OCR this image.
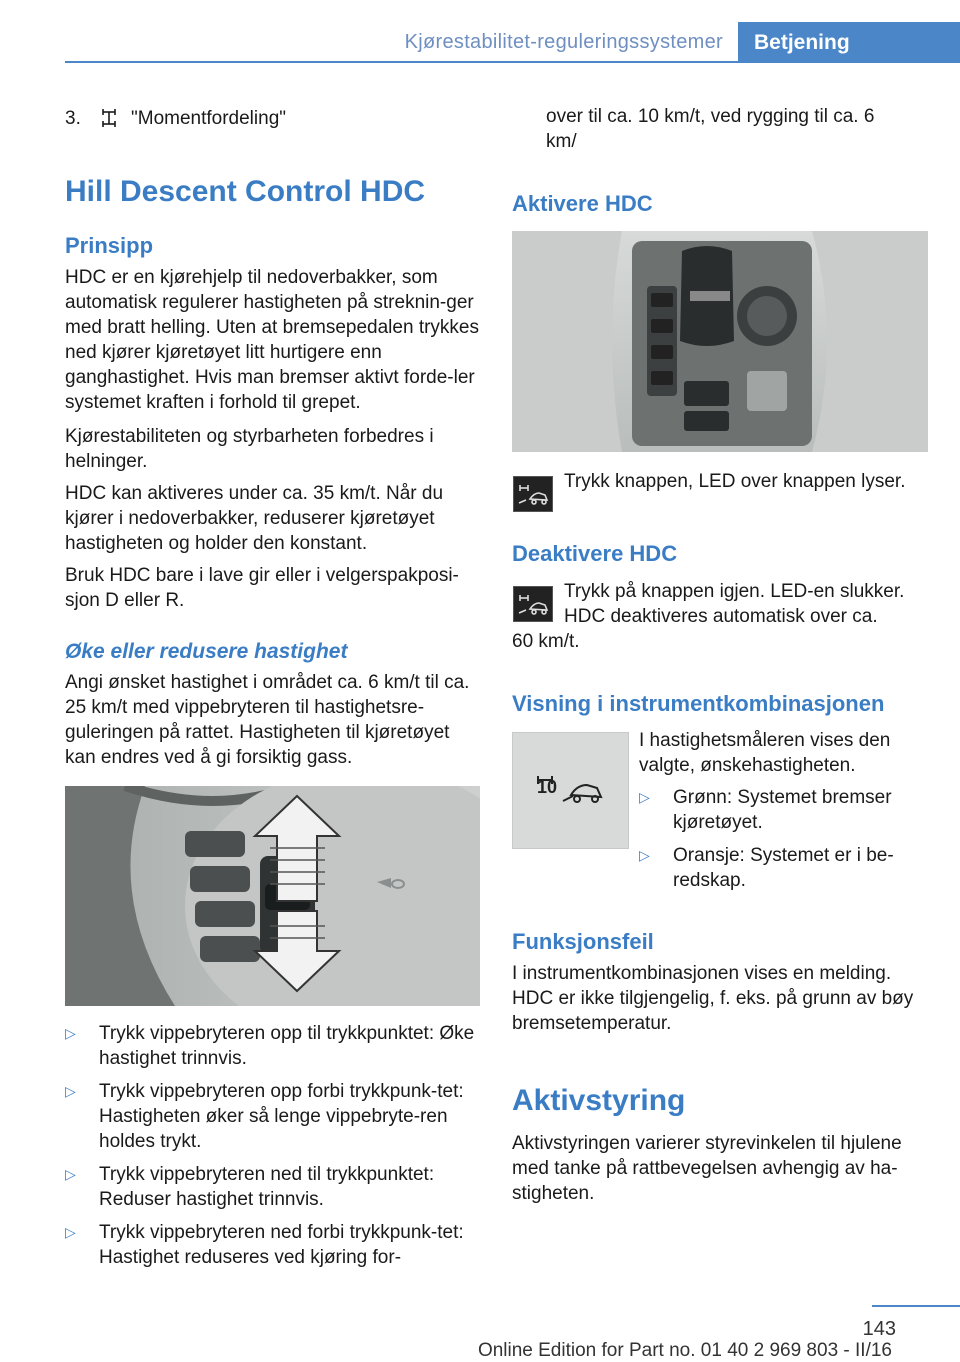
Kjørestabilitet-reguleringssystemer	Betjening
3.	"Momentfordeling"
Hill Descent Control HDC
Prinsipp

HDC er en kjørehjelp til nedoverbakker, som automatisk regulerer hastigheten på streknin-ger med bratt helling. Uten at bremsepedalen trykkes ned kjører kjøretøyet litt hurtigere enn ganghastighet. Hvis man bremser aktivt forde-ler systemet kraften i forhold til grepet.

Kjørestabiliteten og styrbarheten forbedres i helninger.

HDC kan aktiveres under ca. 35 km/t. Når du kjører i nedoverbakker, reduserer kjøretøyet hastigheten og holder den konstant.

Bruk HDC bare i lave gir eller i velgerspakposi-sjon D eller R.

Øke eller redusere hastighet

Angi ønsket hastighet i området ca. 6 km/t til ca. 25 km/t med vippebryteren til hastighetsre-guleringen på rattet. Hastigheten til kjøretøyet kan endres ved å gi forsiktig gass.

▷ Trykk vippebryteren opp til trykkpunktet: Øke hastighet trinnvis.
▷ Trykk vippebryteren opp forbi trykkpunk-tet: Hastigheten øker så lenge vippebryte-ren holdes trykt.
▷ Trykk vippebryteren ned til trykkpunktet: Reduser hastighet trinnvis.
▷ Trykk vippebryteren ned forbi trykkpunk-tet: Hastighet reduseres ved kjøring for-

over til ca. 10 km/t, ved rygging til ca. 6 km/

Aktivere HDC

Trykk knappen, LED over knappen lyser.

Deaktivere HDC

Trykk på knappen igjen. LED-en slukker. HDC deaktiveres automatisk over ca.

60 km/t.

Visning i instrumentkombinasjonen
10

I hastighetsmåleren vises den valgte, ønskehastigheten.

▷ Grønn: Systemet bremser kjøretøyet.
▷ Oransje: Systemet er i be-redskap.
Funksjonsfeil

I instrumentkombinasjonen vises en melding. HDC er ikke tilgjengelig, f. eks. på grunn av bøy bremsetemperatur.

Aktivstyring

Aktivstyringen varierer styrevinkelen til hjulene med tanke på rattbevegelsen avhengig av ha-stigheten.

143
Online Edition for Part no. 01 40 2 969 803 - II/16
